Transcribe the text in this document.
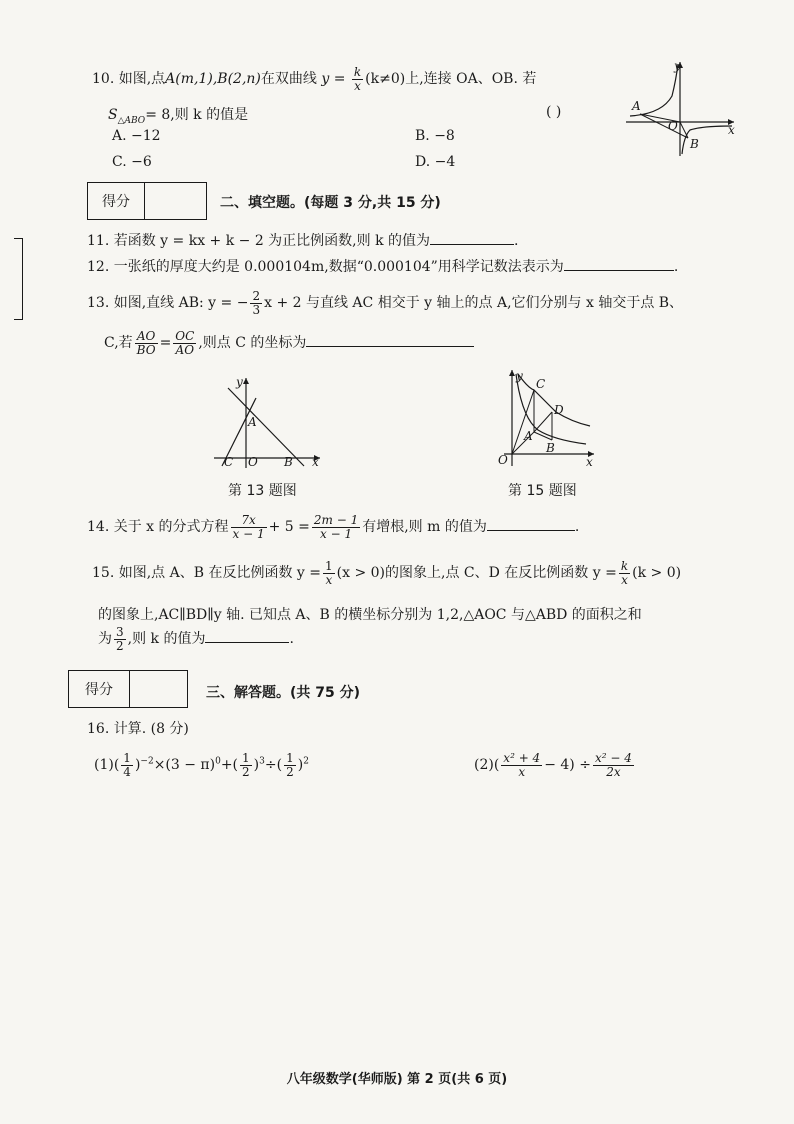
10. 如图,点A(m,1),B(2,n)在双曲线 $y = \frac{k}{x} (k\ne 0)$上,连接 OA、OB. 若
$S_{\triangle ABO}= 8$,则 k 的值是	( )
A. −12	B. −8
C. −6	D. −4
y
A
O	x
B
得分	二、填空题。(每题 3 分,共 15 分)
11. 若函数 y = kx + k − 2 为正比例函数,则 k 的值为	.
12. 一张纸的厚度大约是 0.000104m,数据“0.000104”用科学记数法表示为	.
13. 如图,直线 AB: y = − $\frac{2}{3}$ x + 2 与直线 AC 相交于 y 轴上的点 A,它们分别与 x 轴交于点 B、
C,若 $\frac{AO}{BO} = \frac{OC}{AO}$ ,则点 C 的坐标为
y
A
C O B x
第 13 题图
y
C
D
A
B
O	x
第 15 题图
14. 关于 x 的分式方程 $\frac{7x}{x - 1} + 5 = \frac{2m - 1}{x - 1}$ 有增根,则 m 的值为	.
15. 如图,点 A、B 在反比例函数 $y = \frac{1}{x} (x > 0)$的图象上,点 C、D 在反比例函数 $y = \frac{k}{x} (k > 0)$
的图象上,AC∥BD∥y 轴. 已知点 A、B 的横坐标分别为 1,2,△AOC 与△ABD 的面积之和
为 $\frac{3}{2}$ ,则 k 的值为	.
得分	三、解答题。(共 75 分)
16. 计算. (8 分)
$(1)( \frac{1}{4} )^{-2}\times(3 - \pi)^0+( \frac{1}{2} )^3\div( \frac{1}{2} )^2$	$(2)( \frac{\text{x² + 4}}{x} - 4) \div \frac{\text{x² − 4}}{2x}$
八年级数学(华师版) 第 2 页(共 6 页)
